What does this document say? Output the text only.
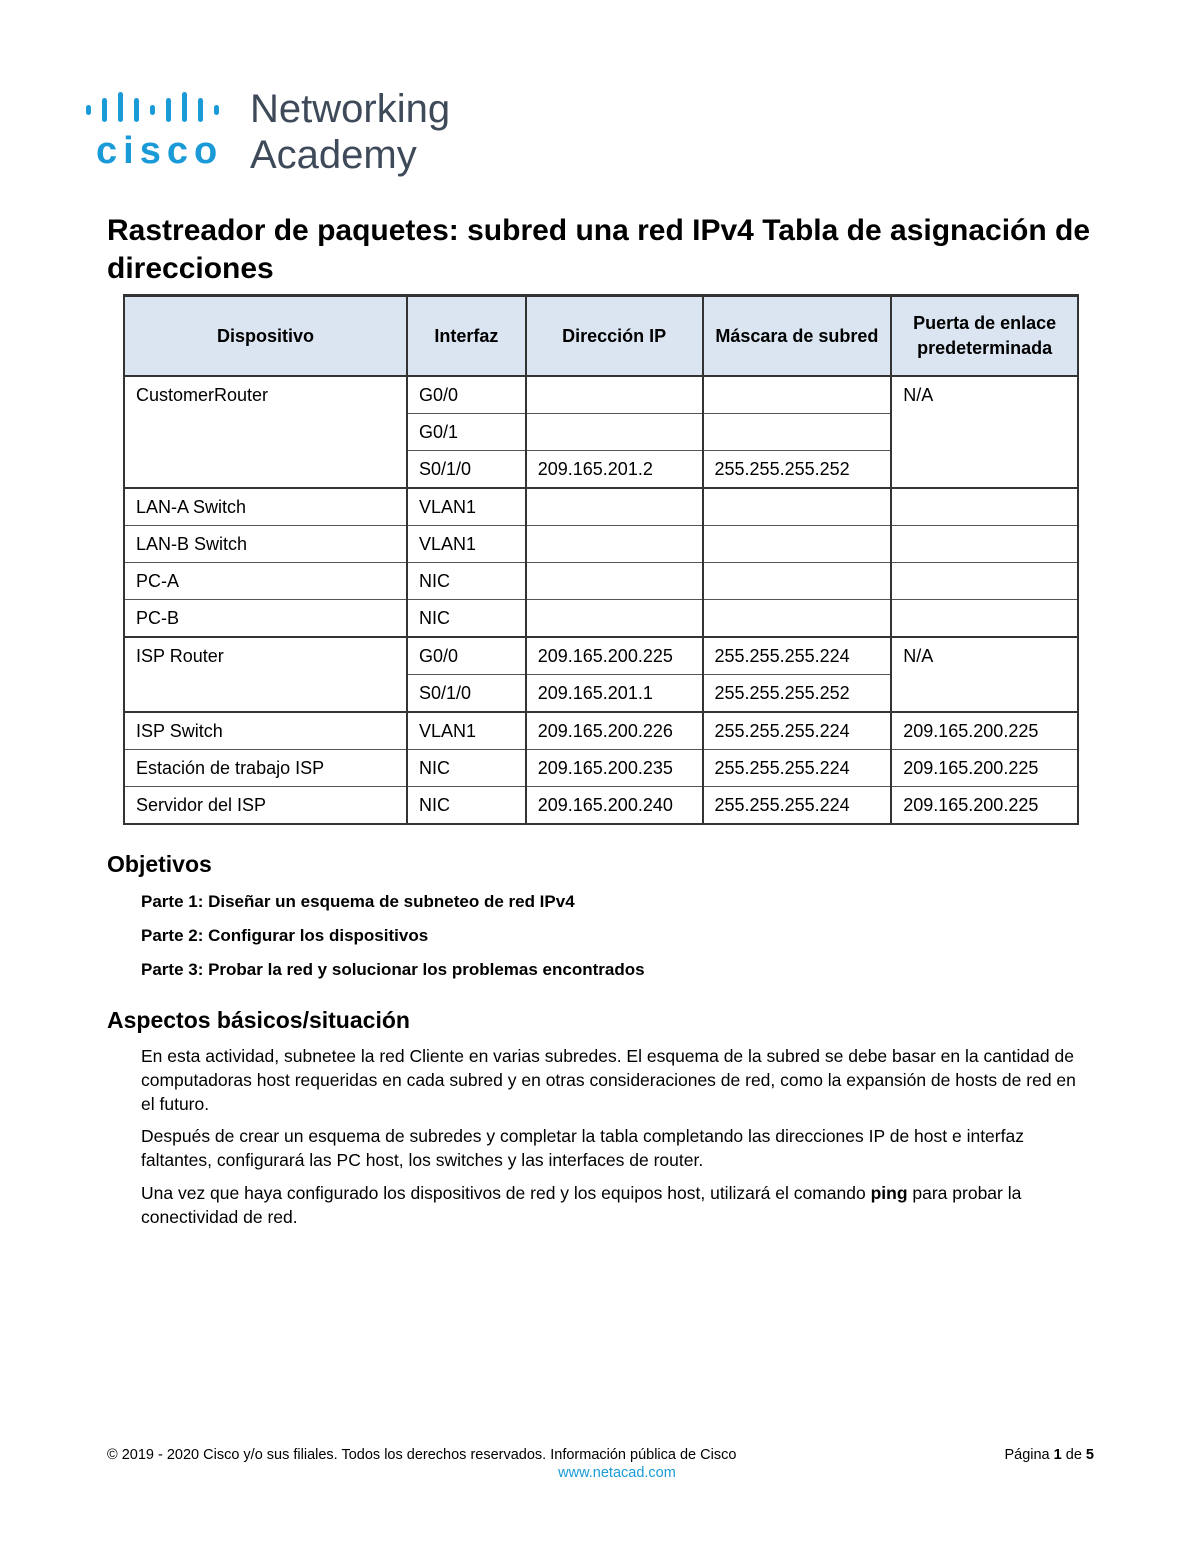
cisco
Networking
Academy
Rastreador de paquetes: subred una red IPv4 Tabla de asignación de direcciones
Dispositivo	Interfaz	Dirección IP	Máscara de subred	Puerta de enlace predeterminada
CustomerRouter	G0/0			N/A
	G0/1			
	S0/1/0	209.165.201.2	255.255.255.252	
LAN-A Switch	VLAN1			
LAN-B Switch	VLAN1			
PC-A	NIC			
PC-B	NIC			
ISP Router	G0/0	209.165.200.225	255.255.255.224	N/A
	S0/1/0	209.165.201.1	255.255.255.252	
ISP Switch	VLAN1	209.165.200.226	255.255.255.224	209.165.200.225
Estación de trabajo ISP	NIC	209.165.200.235	255.255.255.224	209.165.200.225
Servidor del ISP	NIC	209.165.200.240	255.255.255.224	209.165.200.225
Objetivos
Parte 1: Diseñar un esquema de subneteo de red IPv4
Parte 2: Configurar los dispositivos
Parte 3: Probar la red y solucionar los problemas encontrados
Aspectos básicos/situación

En esta actividad, subnetee la red Cliente en varias subredes. El esquema de la subred se debe basar en la cantidad de computadoras host requeridas en cada subred y en otras consideraciones de red, como la expansión de hosts de red en el futuro.

Después de crear un esquema de subredes y completar la tabla completando las direcciones IP de host e interfaz faltantes, configurará las PC host, los switches y las interfaces de router.

Una vez que haya configurado los dispositivos de red y los equipos host, utilizará el comando ping para probar la conectividad de red.

© 2019 - 2020 Cisco y/o sus filiales. Todos los derechos reservados. Información pública de Cisco	Página 1 de 5
www.netacad.com
